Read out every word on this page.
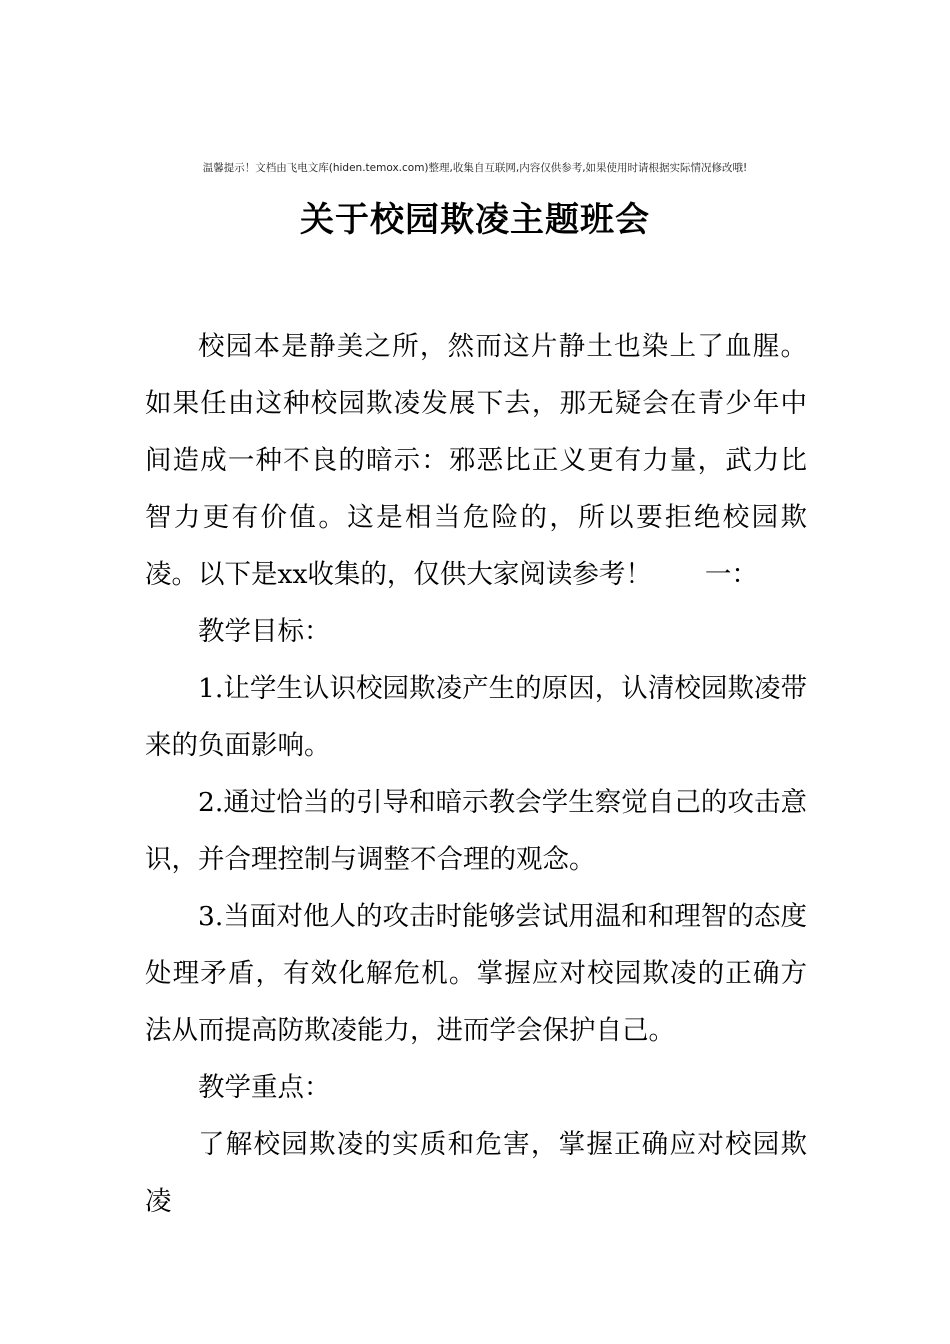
温馨提示！文档由飞电文库(hiden.temox.com)整理,收集自互联网,内容仅供参考,如果使用时请根据实际情况修改哦!
关于校园欺凌主题班会

校园本是静美之所，然而这片静土也染上了血腥。如果任由这种校园欺凌发展下去，那无疑会在青少年中间造成一种不良的暗示：邪恶比正义更有力量，武力比智力更有价值。这是相当危险的，所以要拒绝校园欺凌。以下是xx收集的，仅供大家阅读参考！　　一：

教学目标：

1.让学生认识校园欺凌产生的原因，认清校园欺凌带来的负面影响。

2.通过恰当的引导和暗示教会学生察觉自己的攻击意识，并合理控制与调整不合理的观念。

3.当面对他人的攻击时能够尝试用温和和理智的态度处理矛盾，有效化解危机。掌握应对校园欺凌的正确方法从而提高防欺凌能力，进而学会保护自己。

教学重点：

了解校园欺凌的实质和危害，掌握正确应对校园欺凌
